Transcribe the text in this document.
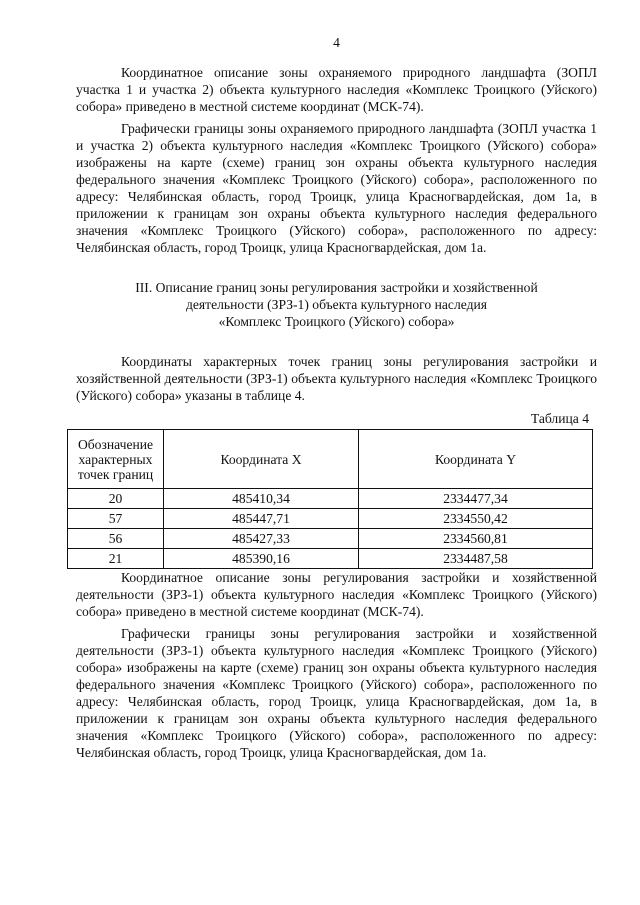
4

Координатное описание зоны охраняемого природного ландшафта (ЗОПЛ участка 1 и участка 2) объекта культурного наследия «Комплекс Троицкого (Уйского) собора» приведено в местной системе координат (МСК-74).

Графически границы зоны охраняемого природного ландшафта (ЗОПЛ участка 1 и участка 2) объекта культурного наследия «Комплекс Троицкого (Уйского) собора» изображены на карте (схеме) границ зон охраны объекта культурного наследия федерального значения «Комплекс Троицкого (Уйского) собора», расположенного по адресу: Челябинская область, город Троицк, улица Красногвардейская, дом 1а, в приложении к границам зон охраны объекта культурного наследия федерального значения «Комплекс Троицкого (Уйского) собора», расположенного по адресу: Челябинская область, город Троицк, улица Красногвардейская, дом 1а.

III. Описание границ зоны регулирования застройки и хозяйственной
деятельности (ЗРЗ-1) объекта культурного наследия
«Комплекс Троицкого (Уйского) собора»

Координаты характерных точек границ зоны регулирования застройки и хозяйственной деятельности (ЗРЗ-1) объекта культурного наследия «Комплекс Троицкого (Уйского) собора» указаны в таблице 4.

Таблица 4
Обозначение
характерных
точек границ	Координата X	Координата Y
20	485410,34	2334477,34
57	485447,71	2334550,42
56	485427,33	2334560,81
21	485390,16	2334487,58

Координатное описание зоны регулирования застройки и хозяйственной деятельности (ЗРЗ-1) объекта культурного наследия «Комплекс Троицкого (Уйского) собора» приведено в местной системе координат (МСК-74).

Графически границы зоны регулирования застройки и хозяйственной деятельности (ЗРЗ-1) объекта культурного наследия «Комплекс Троицкого (Уйского) собора» изображены на карте (схеме) границ зон охраны объекта культурного наследия федерального значения «Комплекс Троицкого (Уйского) собора», расположенного по адресу: Челябинская область, город Троицк, улица Красногвардейская, дом 1а, в приложении к границам зон охраны объекта культурного наследия федерального значения «Комплекс Троицкого (Уйского) собора», расположенного по адресу: Челябинская область, город Троицк, улица Красногвардейская, дом 1а.
